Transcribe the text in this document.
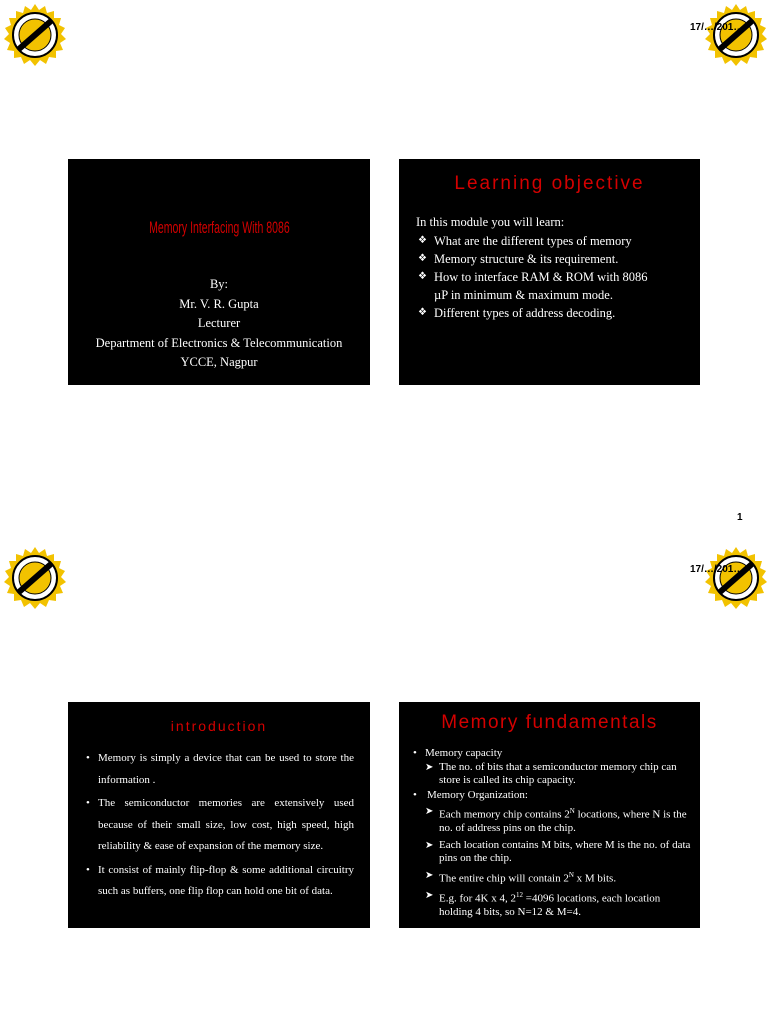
17/…/201…
Memory Interfacing With 8086
By:
Mr. V. R. Gupta
Lecturer
Department of Electronics & Telecommunication
YCCE, Nagpur
Learning objective
In this module you will learn:
❖ What are the different types of memory
❖ Memory structure & its requirement.
❖ How to interface RAM & ROM with 8086
µP in minimum & maximum mode.
❖ Different types of address decoding.
1
17/…/201…
introduction
• Memory is simply a device that can be used to store the information .
• The semiconductor memories are extensively used because of their small size, low cost, high speed, high reliability & ease of expansion of the memory size.
• It consist of mainly flip-flop & some additional circuitry such as buffers, one flip flop can hold one bit of data.
Memory fundamentals
• Memory capacity
➤ The no. of bits that a semiconductor memory chip can store is called its chip capacity.
• Memory Organization:
➤ Each memory chip contains $2^N$ locations, where N is the no. of address pins on the chip.
➤ Each location contains M bits, where M is the no. of data pins on the chip.
➤ The entire chip will contain $2^N$ x M bits.
➤ E.g. for 4K x 4, $2^{12} =4096$ locations, each location holding 4 bits, so N=12 & M=4.
